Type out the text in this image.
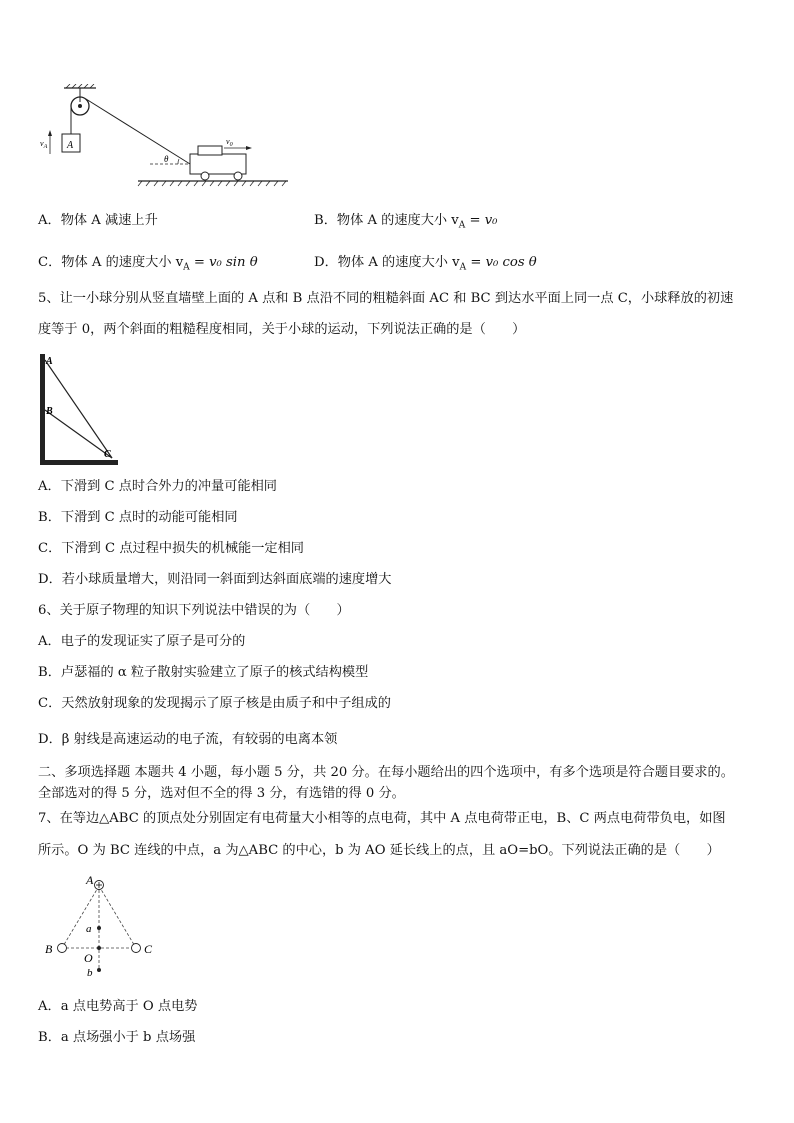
A
$v_A$
θ
$v_0$
A．物体 A 减速上升	B．物体 A 的速度大小 $v_A = v_0$
C．物体 A 的速度大小 $v_A = v_0$ sin θ	D．物体 A 的速度大小 $v_A = v_0$ cos θ
5、让一小球分别从竖直墙壁上面的 A 点和 B 点沿不同的粗糙斜面 AC 和 BC 到达水平面上同一点 C，小球释放的初速
度等于 0，两个斜面的粗糙程度相同，关于小球的运动，下列说法正确的是（　　）
A
B
C
A．下滑到 C 点时合外力的冲量可能相同
B．下滑到 C 点时的动能可能相同
C．下滑到 C 点过程中损失的机械能一定相同
D．若小球质量增大，则沿同一斜面到达斜面底端的速度增大
6、关于原子物理的知识下列说法中错误的为（　　）
A．电子的发现证实了原子是可分的
B．卢瑟福的 α 粒子散射实验建立了原子的核式结构模型
C．天然放射现象的发现揭示了原子核是由质子和中子组成的
D．β 射线是高速运动的电子流，有较弱的电离本领
二、多项选择题 本题共 4 小题，每小题 5 分，共 20 分。在每小题给出的四个选项中，有多个选项是符合题目要求的。
全部选对的得 5 分，选对但不全的得 3 分，有选错的得 0 分。
7、在等边△ABC 的顶点处分别固定有电荷量大小相等的点电荷，其中 A 点电荷带正电，B、C 两点电荷带负电，如图
所示。O 为 BC 连线的中点，a 为△ABC 的中心，b 为 AO 延长线上的点，且 aO=bO。下列说法正确的是（　　）
A
B	C
a
O
b
A．a 点电势高于 O 点电势
B．a 点场强小于 b 点场强
